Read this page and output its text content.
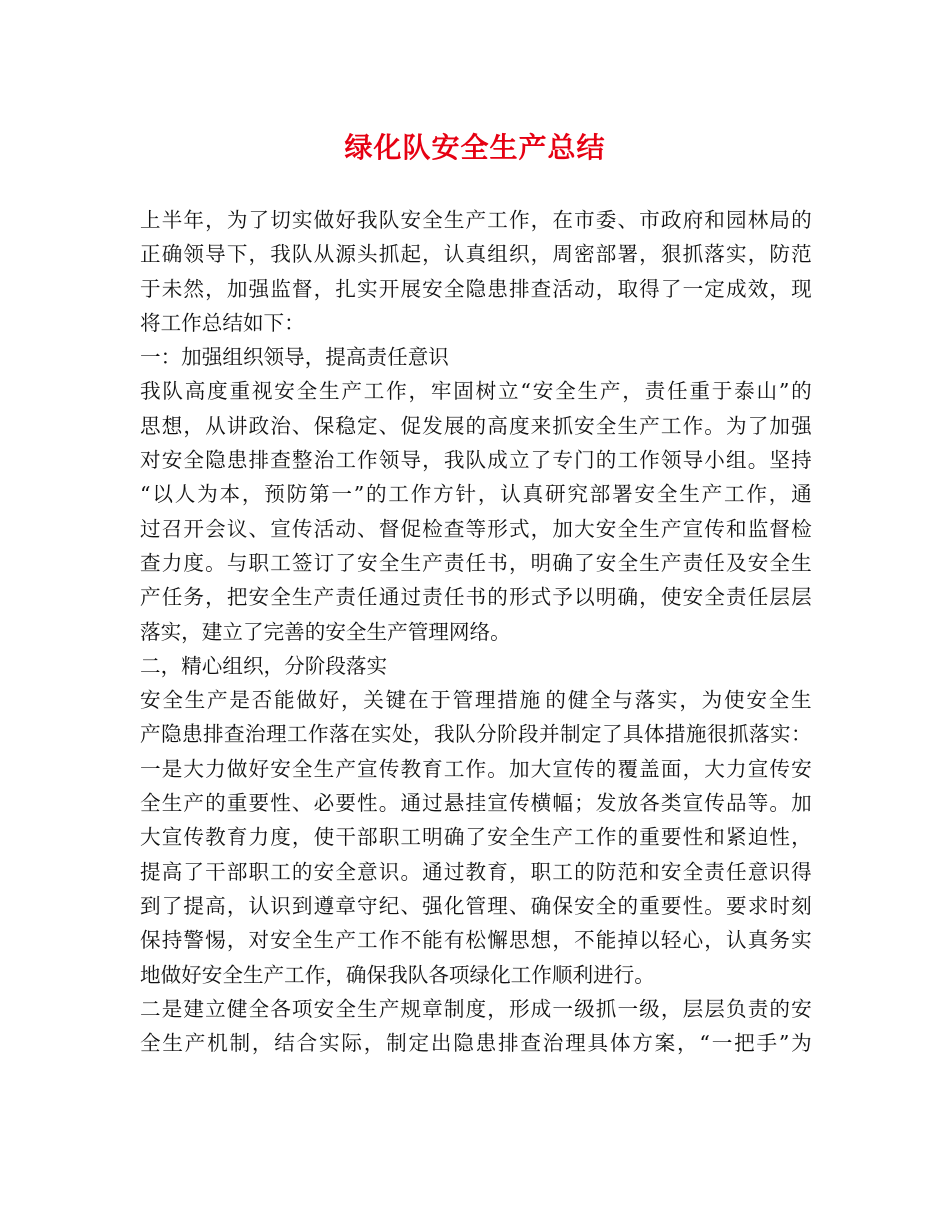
绿化队安全生产总结
上 半 年 ， 为 了 切 实 做 好 我 队 安 全 生 产 工 作 ， 在 市 委 、 市 政 府 和 园 林 局 的
正 确 领 导 下 ， 我 队 从 源 头 抓 起 ， 认 真 组 织 ， 周 密 部 署 ， 狠 抓 落 实 ， 防 范
于 未 然 ， 加 强 监 督 ， 扎 实 开 展 安 全 隐 患 排 查 活 动 ， 取 得 了 一 定 成 效 ， 现
将工作总结如下：
一：加强组织领导，提高责任意识
我 队 高 度 重 视 安 全 生 产 工 作 ， 牢 固 树 立 “ 安 全 生 产 ， 责 任 重 于 泰 山 ” 的
思 想 ， 从 讲 政 治 、 保 稳 定 、 促 发 展 的 高 度 来 抓 安 全 生 产 工 作 。 为 了 加 强
对 安 全 隐 患 排 查 整 治 工 作 领 导 ， 我 队 成 立 了 专 门 的 工 作 领 导 小 组 。 坚 持
“ 以 人 为 本 ， 预 防 第 一 ” 的 工 作 方 针 ， 认 真 研 究 部 署 安 全 生 产 工 作 ， 通
过 召 开 会 议 、 宣 传 活 动 、 督 促 检 查 等 形 式 ， 加 大 安 全 生 产 宣 传 和 监 督 检
查 力 度 。 与 职 工 签 订 了 安 全 生 产 责 任 书 ， 明 确 了 安 全 生 产 责 任 及 安 全 生
产 任 务 ， 把 安 全 生 产 责 任 通 过 责 任 书 的 形 式 予 以 明 确 ， 使 安 全 责 任 层 层
落实，建立了完善的安全生产管理网络。
二，精心组织，分阶段落实
安 全 生 产 是 否 能 做 好 ， 关 键 在 于 管 理 措 施 的 健 全 与 落 实 ， 为 使 安 全 生
产 隐 患 排 查 治 理 工 作 落 在 实 处 ， 我 队 分 阶 段 并 制 定 了 具 体 措 施 很 抓 落 实 ：
一 是 大 力 做 好 安 全 生 产 宣 传 教 育 工 作 。 加 大 宣 传 的 覆 盖 面 ， 大 力 宣 传 安
全 生 产 的 重 要 性 、 必 要 性 。 通 过 悬 挂 宣 传 横 幅 ； 发 放 各 类 宣 传 品 等 。 加
大 宣 传 教 育 力 度 ， 使 干 部 职 工 明 确 了 安 全 生 产 工 作 的 重 要 性 和 紧 迫 性 ，
提 高 了 干 部 职 工 的 安 全 意 识 。 通 过 教 育 ， 职 工 的 防 范 和 安 全 责 任 意 识 得
到 了 提 高 ， 认 识 到 遵 章 守 纪 、 强 化 管 理 、 确 保 安 全 的 重 要 性 。 要 求 时 刻
保 持 警 惕 ， 对 安 全 生 产 工 作 不 能 有 松 懈 思 想 ， 不 能 掉 以 轻 心 ， 认 真 务 实
地做好安全生产工作，确保我队各项绿化工作顺利进行。
二 是 建 立 健 全 各 项 安 全 生 产 规 章 制 度 ， 形 成 一 级 抓 一 级 ， 层 层 负 责 的 安
全 生 产 机 制 ， 结 合 实 际 ， 制 定 出 隐 患 排 查 治 理 具 体 方 案 ， “ 一 把 手 ” 为
